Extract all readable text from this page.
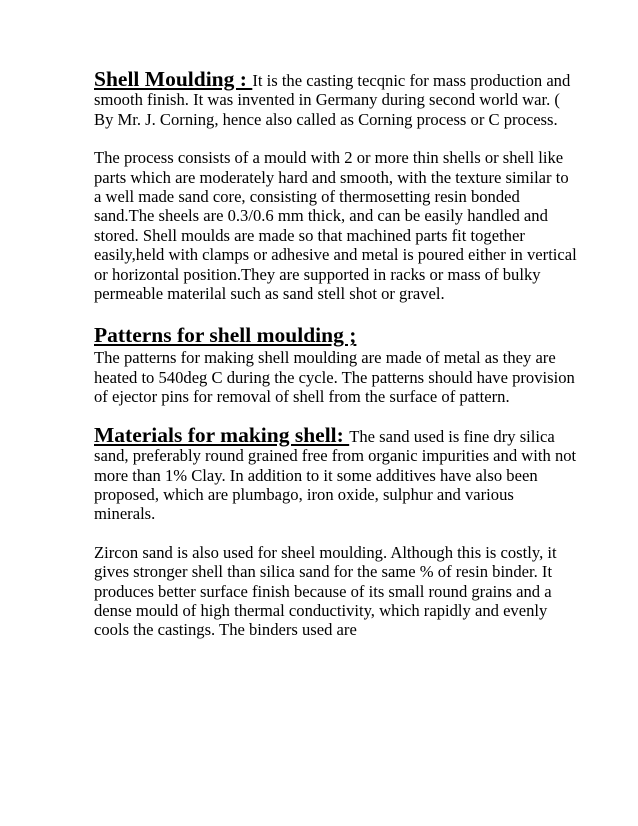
Shell Moulding : It is the casting tecqnic for mass production and smooth finish. It was invented in Germany during second world war. ( By Mr. J. Corning, hence also called as Corning process or C process.

The process consists of a mould with 2 or more thin shells or shell like parts which are moderately hard and smooth, with the texture similar to a well made sand core, consisting of thermosetting resin bonded sand.The sheels are 0.3/0.6 mm thick, and can be easily handled and stored. Shell moulds are made so that machined parts fit together easily,held with clamps or adhesive and metal is poured either in vertical or horizontal position.They are supported in racks or mass of bulky permeable materilal such as sand stell shot or gravel.

Patterns for shell moulding ;
The patterns for making shell moulding are made of metal as they are heated to 540deg C during the cycle. The patterns should have provision of ejector pins for removal of shell from the surface of pattern.

Materials for making shell: The sand used is fine dry silica sand, preferably round grained free from organic impurities and with not more than 1% Clay. In addition to it some additives have also been proposed, which are plumbago, iron oxide, sulphur and various minerals.

Zircon sand is also used for sheel moulding. Although this is costly, it gives stronger shell than silica sand for the same % of resin binder. It produces better surface finish because of its small round grains and a dense mould of high thermal conductivity, which rapidly and evenly cools the castings. The binders used are
